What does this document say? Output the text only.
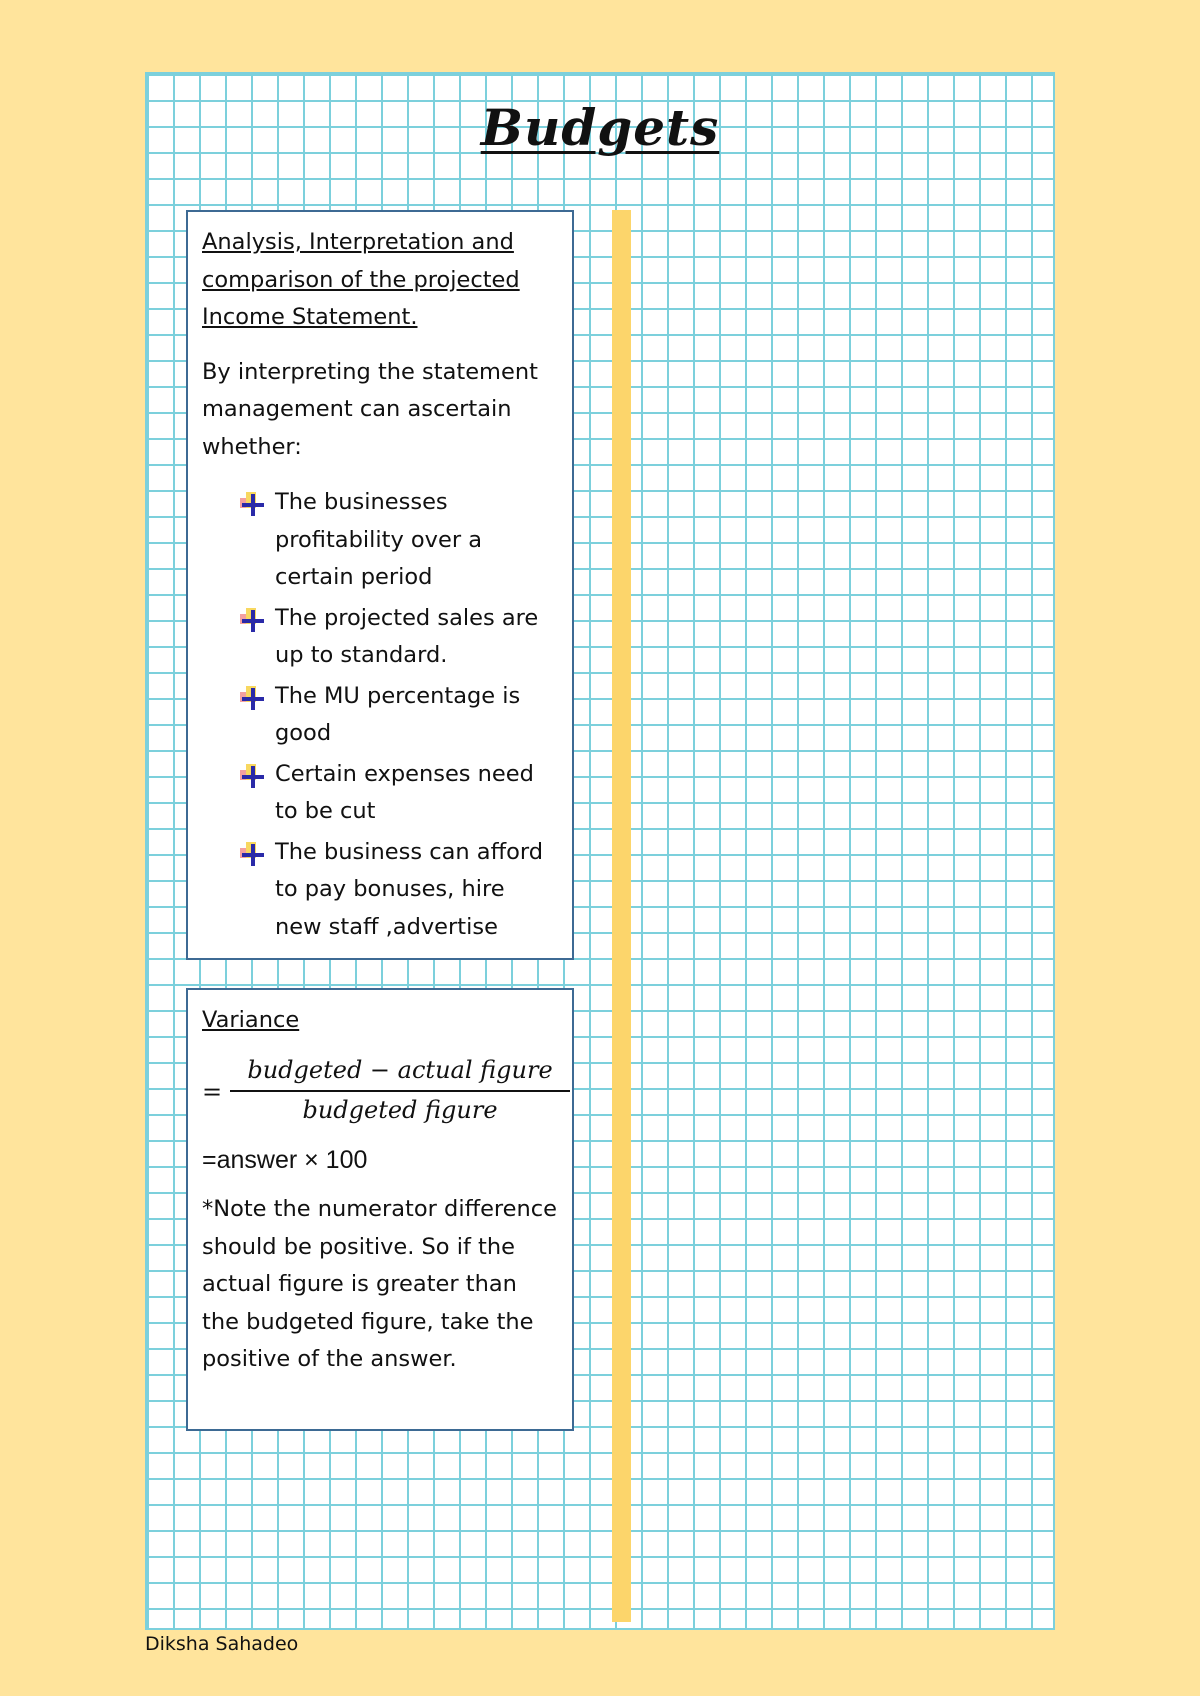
Budgets

Analysis, Interpretation and comparison of the projected Income Statement.

By interpreting the statement management can ascertain whether:

The businesses profitability over a certain period
The projected sales are up to standard.
The MU percentage is good
Certain expenses need to be cut
The business can afford to pay bonuses, hire new staff ,advertise

Variance

=
budgeted − actual figure
budgeted figure

=answer × 100

*Note the numerator difference should be positive. So if the actual figure is greater than the budgeted figure, take the positive of the answer.

Diksha Sahadeo
